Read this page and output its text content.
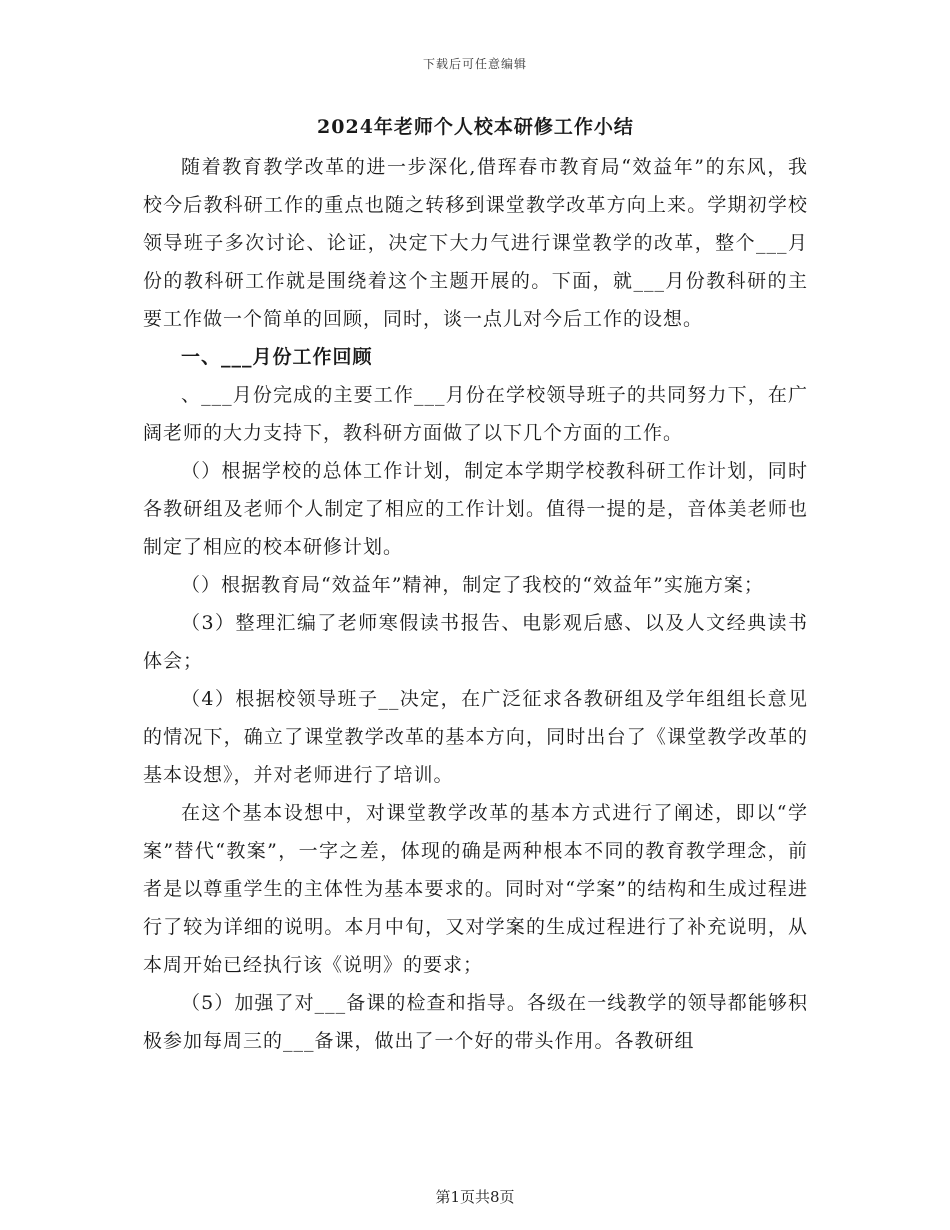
下载后可任意编辑
2024年老师个人校本研修工作小结

随着教育教学改革的进一步深化,借珲春市教育局“效益年”的东风，我校今后教科研工作的重点也随之转移到课堂教学改革方向上来。学期初学校领导班子多次讨论、论证，决定下大力气进行课堂教学的改革，整个___月份的教科研工作就是围绕着这个主题开展的。下面，就___月份教科研的主要工作做一个简单的回顾，同时，谈一点儿对今后工作的设想。

一、___月份工作回顾

、___月份完成的主要工作___月份在学校领导班子的共同努力下，在广阔老师的大力支持下，教科研方面做了以下几个方面的工作。

（）根据学校的总体工作计划，制定本学期学校教科研工作计划，同时各教研组及老师个人制定了相应的工作计划。值得一提的是，音体美老师也制定了相应的校本研修计划。

（）根据教育局“效益年”精神，制定了我校的“效益年”实施方案；

（3）整理汇编了老师寒假读书报告、电影观后感、以及人文经典读书体会；

（4）根据校领导班子__决定，在广泛征求各教研组及学年组组长意见的情况下，确立了课堂教学改革的基本方向，同时出台了《课堂教学改革的基本设想》，并对老师进行了培训。

在这个基本设想中，对课堂教学改革的基本方式进行了阐述，即以“学案”替代“教案”，一字之差，体现的确是两种根本不同的教育教学理念，前者是以尊重学生的主体性为基本要求的。同时对“学案”的结构和生成过程进行了较为详细的说明。本月中旬，又对学案的生成过程进行了补充说明，从本周开始已经执行该《说明》的要求；

（5）加强了对___备课的检查和指导。各级在一线教学的领导都能够积极参加每周三的___备课，做出了一个好的带头作用。各教研组

第1页共8页
